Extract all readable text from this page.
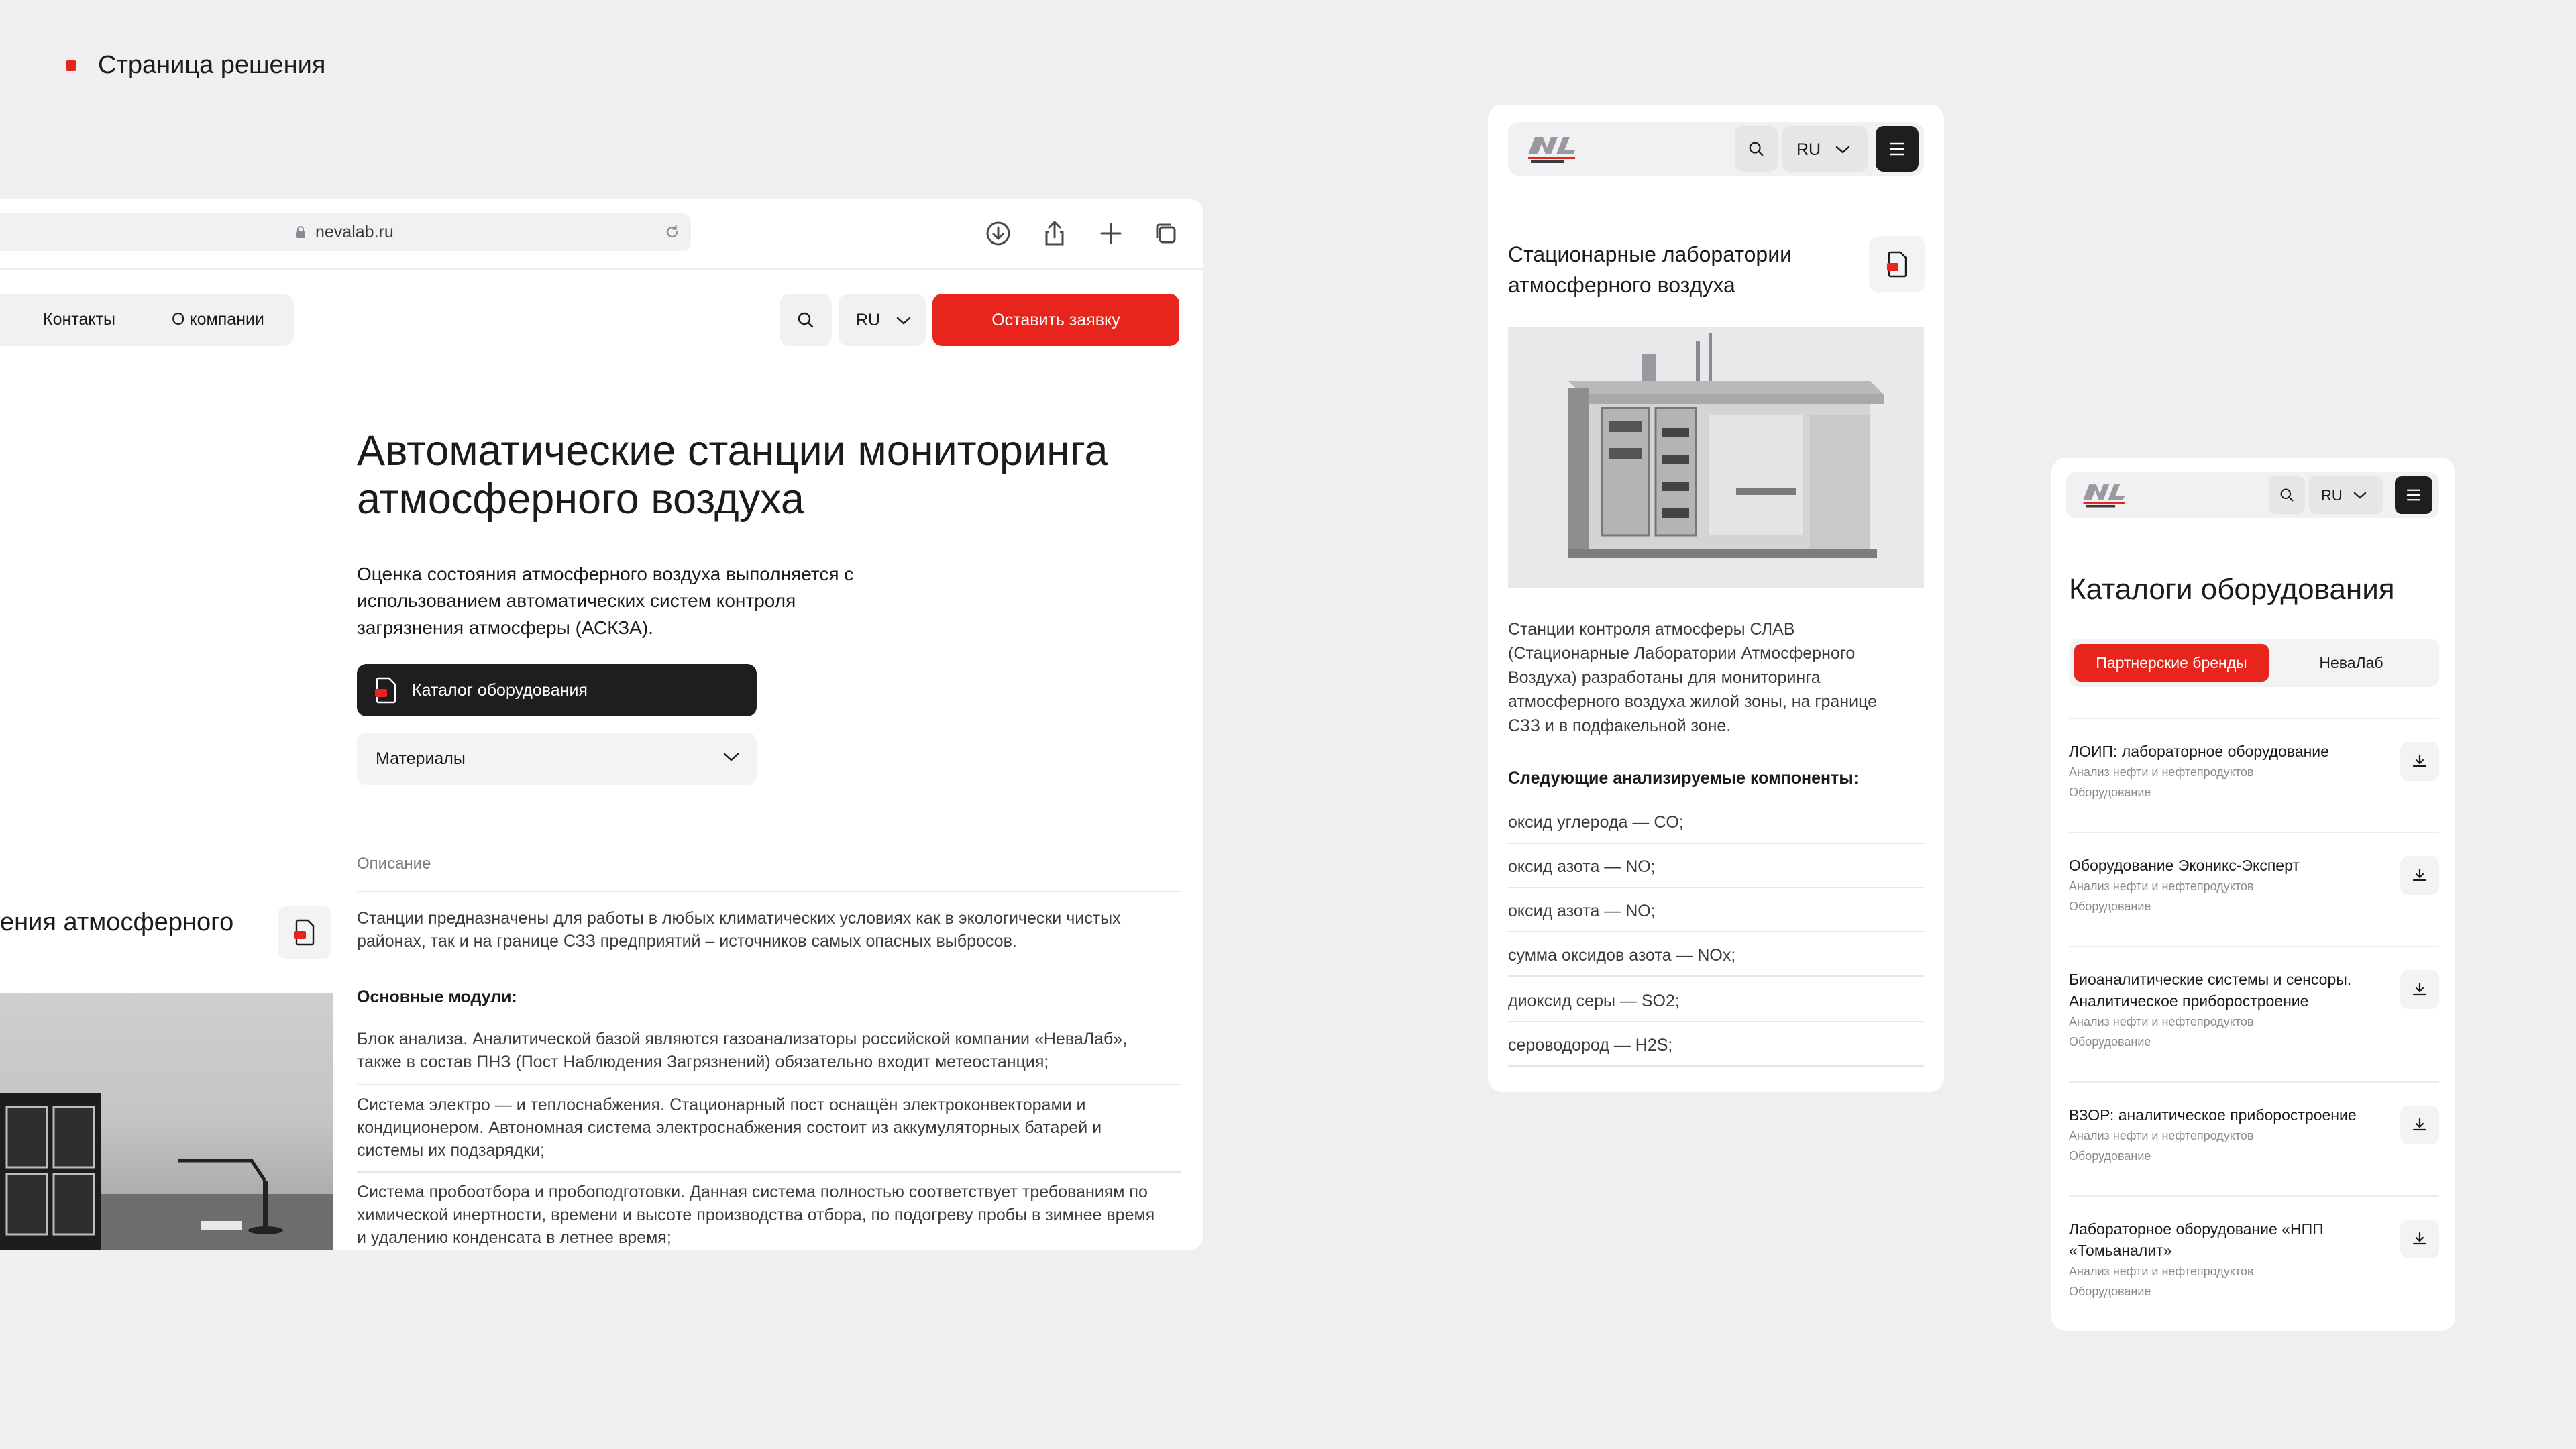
Страница решения
nevalab.ru
Контакты	О компании	RU	Оставить заявку
Автоматические станции мониторинга атмосферного воздуха
Оценка состояния атмосферного воздуха выполняется с использованием автоматических систем контроля загрязнения атмосферы (АСКЗА).
Каталог оборудования
Материалы
Описание
Станции предназначены для работы в любых климатических условиях как в экологически чистых районах, так и на границе СЗЗ предприятий – источников самых опасных выбросов.
Основные модули:
Блок анализа. Аналитической базой являются газоанализаторы российской компании «НеваЛаб», также в состав ПНЗ (Пост Наблюдения Загрязнений) обязательно входит метеостанция;
Система электро — и теплоснабжения. Стационарный пост оснащён электроконвекторами и кондиционером. Автономная система электроснабжения состоит из аккумуляторных батарей и системы их подзарядки;
Система пробоотбора и пробоподготовки. Данная система полностью соответствует требованиям по химической инертности, времени и высоте производства отбора, по подогреву пробы в зимнее время и удалению конденсата в летнее время;
ения атмосферного
RU
Стационарные лаборатории атмосферного воздуха
Станции контроля атмосферы СЛАВ (Стационарные Лаборатории Атмосферного Воздуха) разработаны для мониторинга атмосферного воздуха жилой зоны, на границе СЗЗ и в подфакельной зоне.
Следующие анализируемые компоненты:
оксид углерода — CO;
оксид азота — NO;
оксид азота — NO;
сумма оксидов азота — NOx;
диоксид серы — SO2;
сероводород — H2S;
RU
Каталоги оборудования
Партнерские бренды	НеваЛаб
ЛОИП: лабораторное оборудование
Анализ нефти и нефтепродуктов
Оборудование
Оборудование Эконикс-Эксперт
Анализ нефти и нефтепродуктов
Оборудование
Биоаналитические системы и сенсоры. Аналитическое приборостроение
Анализ нефти и нефтепродуктов
Оборудование
ВЗОР: аналитическое приборостроение
Анализ нефти и нефтепродуктов
Оборудование
Лабораторное оборудование «НПП «Томьаналит»
Анализ нефти и нефтепродуктов
Оборудование
